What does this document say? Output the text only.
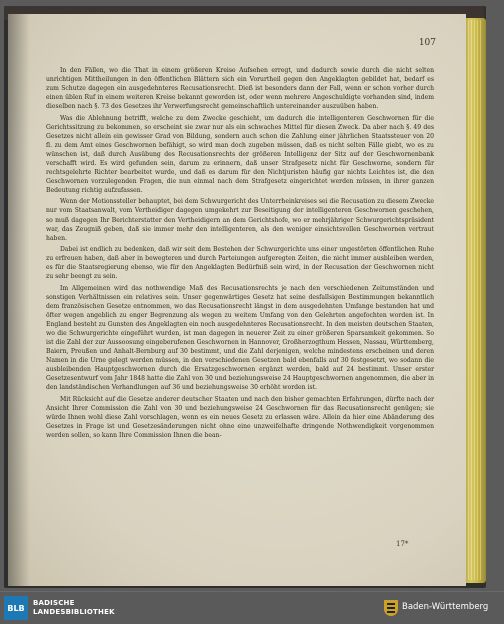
107

In den Fällen, wo die That in einem größeren Kreise Aufsehen erregt, und dadurch sowie durch die nicht selten unrichtigen Mittheilungen in den öffentlichen Blättern sich ein Vorurtheil gegen den Angeklagten gebildet hat, bedarf es zum Schutze dagegen ein ausgedehnteres Recusationsrecht. Dieß ist besonders dann der Fall, wenn er schon vorher durch einen üblen Ruf in einem weiteren Kreise bekannt geworden ist, oder wenn mehrere Angeschuldigte vorhanden sind, indem dieselben nach §. 73 des Gesetzes ihr Verwerfungsrecht gemeinschaftlich untereinander auszuüben haben.

Was die Ablehnung betrifft, welche zu dem Zwecke geschieht, um dadurch die intelligenteren Geschwornen für die Gerichtssitzung zu bekommen, so erscheint sie zwar nur als ein schwaches Mittel für diesen Zweck. Da aber nach §. 49 des Gesetzes nicht allein ein gewisser Grad von Bildung, sondern auch schon die Zahlung einer jährlichen Staatssteuer von 20 fl. zu dem Amt eines Geschwornen befähigt, so wird man doch zugeben müssen, daß es nicht selten Fälle giebt, wo es zu wünschen ist, daß durch Ausübung des Recusationsrechts der größeren Intelligenz der Sitz auf der Geschwornenbank verschafft wird. Es wird gefunden sein, darum zu erinnern, daß unser Strafgesetz nicht für Geschworne, sondern für rechtsgelehrte Richter bearbeitet wurde, und daß es darum für den Nichtjuristen häufig gar nichts Leichtes ist, die den Geschwornen vorzulegenden Fragen, die nun einmal nach dem Strafgesetz eingerichtet werden müssen, in ihrer ganzen Bedeutung richtig aufzufassen.

Wenn der Motionssteller behauptet, bei dem Schwurgericht des Unterrheinkreises sei die Recusation zu diesem Zwecke nur vom Staatsanwalt, vom Vertheidiger dagegen umgekehrt zur Beseitigung der intelligenteren Geschwornen geschehen, so muß dagegen Ihr Berichterstatter den Vertheidigern an dem Gerichtshofe, wo er mehrjähriger Schwurgerichtspräsident war, das Zeugniß geben, daß sie immer mehr den intelligenteren, als den weniger einsichtsvollen Geschwornen vertraut haben.

Dabei ist endlich zu bedenken, daß wir seit dem Bestehen der Schwurgerichte uns einer ungestörten öffentlichen Ruhe zu erfreuen haben, daß aber in bewegteren und durch Parteiungen aufgeregten Zeiten, die nicht immer ausbleiben werden, es für die Staatsregierung ebenso, wie für den Angeklagten Bedürfniß sein wird, in der Recusation der Geschwornen nicht zu sehr beengt zu sein.

Im Allgemeinen wird das nothwendige Maß des Recusationsrechts je nach den verschiedenen Zeitumständen und sonstigen Verhältnissen ein relatives sein. Unser gegenwärtiges Gesetz hat seine desfallsigen Bestimmungen bekanntlich dem französischen Gesetze entnommen, wo das Recusationsrecht längst in dem ausgedehnten Umfange bestanden hat und öfter wegen angeblich zu enger Begrenzung als wegen zu weitem Umfang von den Gelehrten angefochten worden ist. In England besteht zu Gunsten des Angeklagten ein noch ausgedehnteres Recusationsrecht. In den meisten deutschen Staaten, wo die Schwurgerichte eingeführt wurden, ist man dagegen in neuerer Zeit zu einer größeren Sparsamkeit gekommen. So ist die Zahl der zur Aussoosung eingeberufenen Geschwornen in Hannover, Großherzogthum Hessen, Nassau, Württemberg, Baiern, Preußen und Anhalt-Bernburg auf 30 bestimmt, und die Zahl derjenigen, welche mindestens erscheinen und deren Namen in die Urne gelegt werden müssen, in den verschiedenen Gesetzen bald ebenfalls auf 30 festgesetzt, wo sodann die ausbleibenden Hauptgeschwornen durch die Ersatzgeschwornen ergänzt werden, bald auf 24 bestimmt. Unser erster Gesetzesentwurf vom Jahr 1848 hatte die Zahl von 30 und beziehungsweise 24 Hauptgeschwornen angenommen, die aber in den landständischen Verhandlungen auf 36 und beziehungsweise 30 erhöht worden ist.

Mit Rücksicht auf die Gesetze anderer deutscher Staaten und nach den bisher gemachten Erfahrungen, dürfte nach der Ansicht Ihrer Commission die Zahl von 30 und beziehungsweise 24 Geschwornen für das Recusationsrecht genügen; sie würde Ihnen wohl diese Zahl vorschlagen, wenn es ein neues Gesetz zu erlassen wäre. Allein da hier eine Abänderung des Gesetzes in Frage ist und Gesetzesänderungen nicht ohne eine unzweifelhafte dringende Nothwendigkeit vorgenommen werden sollen, so kann Ihre Commission Ihnen die bean-

17*
BLB
BADISCHE
LANDESBIBLIOTHEK	Baden-Württemberg
